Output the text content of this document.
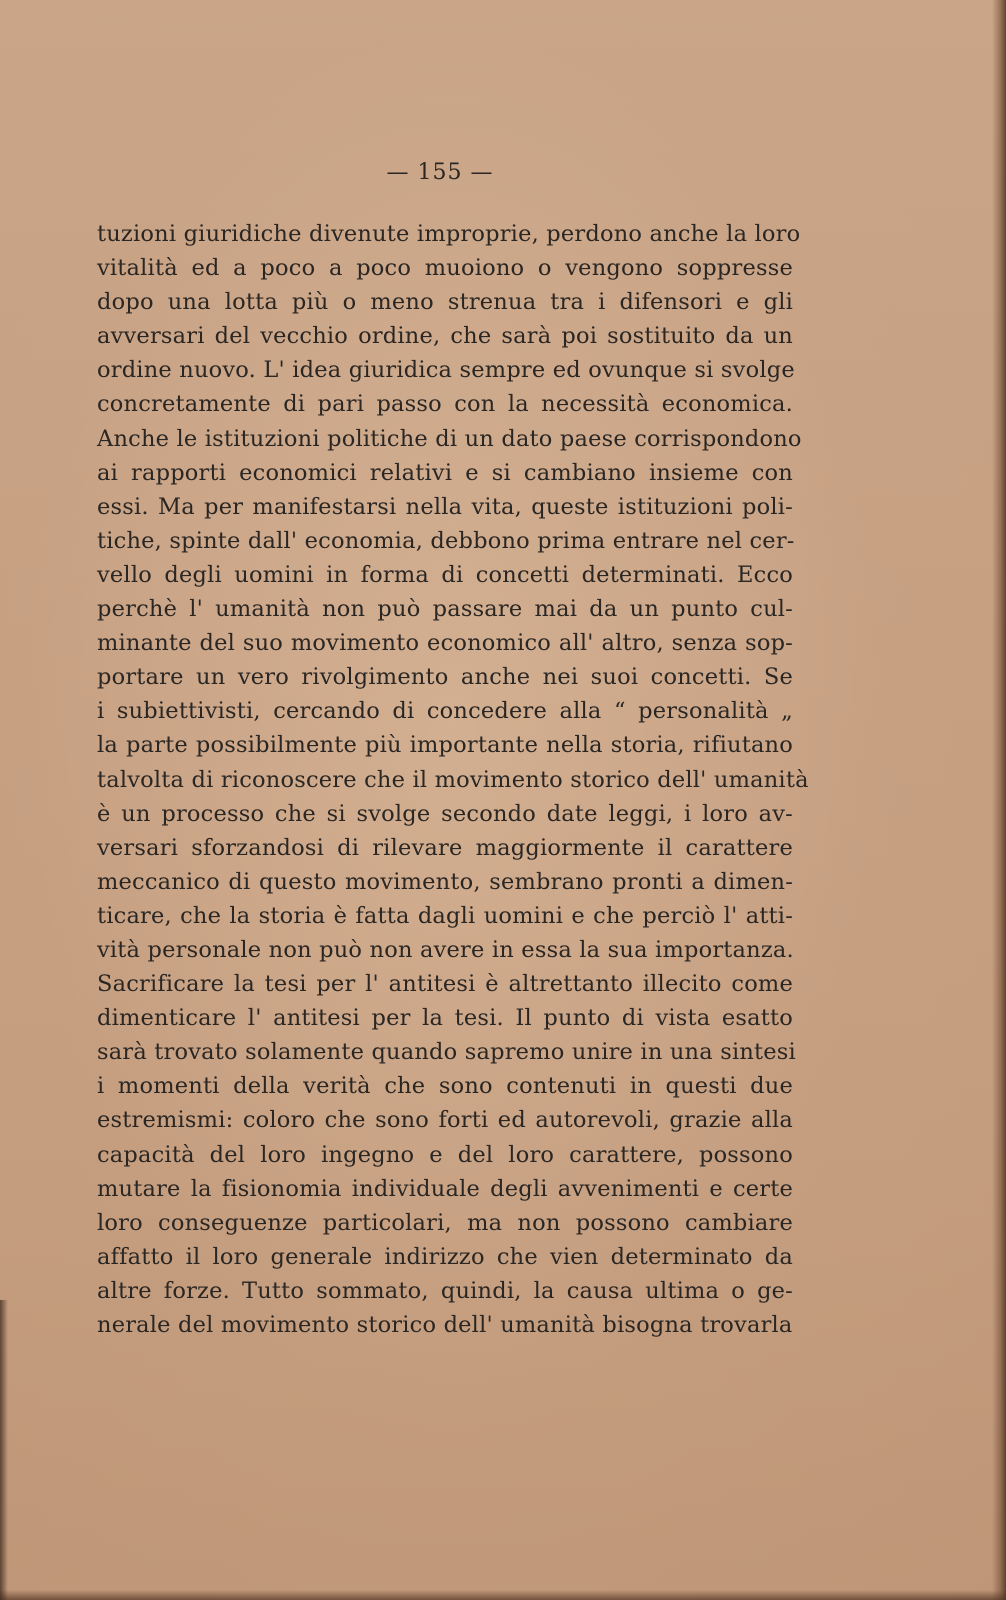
— 155 —
tuzioni giuridiche divenute improprie, perdono anche la loro
vitalità ed a poco a poco muoiono o vengono soppresse
dopo una lotta più o meno strenua tra i difensori e gli
avversari del vecchio ordine, che sarà poi sostituito da un
ordine nuovo. L' idea giuridica sempre ed ovunque si svolge
concretamente di pari passo con la necessità economica.
Anche le istituzioni politiche di un dato paese corrispondono
ai rapporti economici relativi e si cambiano insieme con
essi. Ma per manifestarsi nella vita, queste istituzioni poli-
tiche, spinte dall' economia, debbono prima entrare nel cer-
vello degli uomini in forma di concetti determinati. Ecco
perchè l' umanità non può passare mai da un punto cul-
minante del suo movimento economico all' altro, senza sop-
portare un vero rivolgimento anche nei suoi concetti. Se
i subiettivisti, cercando di concedere alla “ personalità „
la parte possibilmente più importante nella storia, rifiutano
talvolta di riconoscere che il movimento storico dell' umanità
è un processo che si svolge secondo date leggi, i loro av-
versari sforzandosi di rilevare maggiormente il carattere
meccanico di questo movimento, sembrano pronti a dimen-
ticare, che la storia è fatta dagli uomini e che perciò l' atti-
vità personale non può non avere in essa la sua importanza.
Sacrificare la tesi per l' antitesi è altrettanto illecito come
dimenticare l' antitesi per la tesi. Il punto di vista esatto
sarà trovato solamente quando sapremo unire in una sintesi
i momenti della verità che sono contenuti in questi due
estremismi: coloro che sono forti ed autorevoli, grazie alla
capacità del loro ingegno e del loro carattere, possono
mutare la fisionomia individuale degli avvenimenti e certe
loro conseguenze particolari, ma non possono cambiare
affatto il loro generale indirizzo che vien determinato da
altre forze. Tutto sommato, quindi, la causa ultima o ge-
nerale del movimento storico dell' umanità bisogna trovarla
